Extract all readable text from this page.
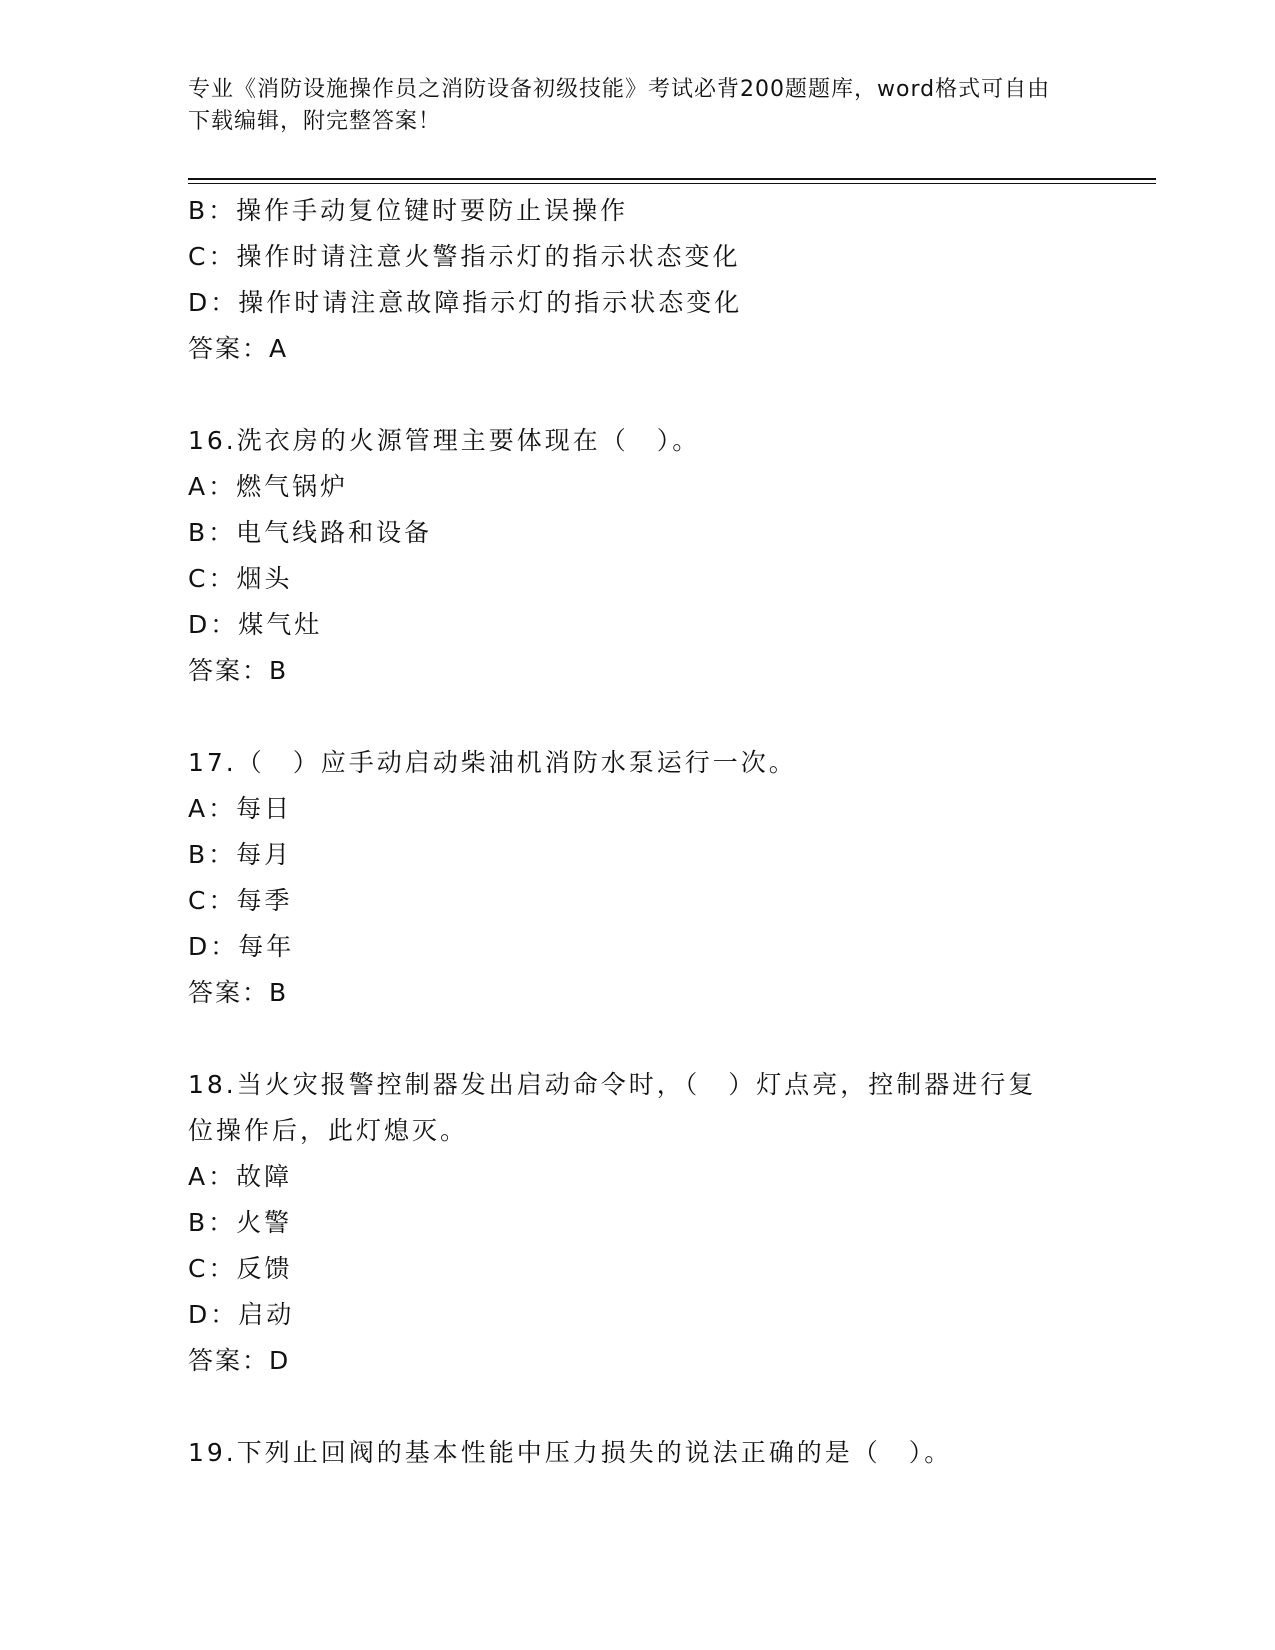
专业《消防设施操作员之消防设备初级技能》考试必背200题题库，word格式可自由下载编辑，附完整答案！
B：操作手动复位键时要防止误操作
C：操作时请注意火警指示灯的指示状态变化
D：操作时请注意故障指示灯的指示状态变化
答案：A
16.洗衣房的火源管理主要体现在（　）。
A：燃气锅炉
B：电气线路和设备
C：烟头
D：煤气灶
答案：B
17.（　）应手动启动柴油机消防水泵运行一次。
A：每日
B：每月
C：每季
D：每年
答案：B
18.当火灾报警控制器发出启动命令时，（　）灯点亮，控制器进行复
位操作后，此灯熄灭。
A：故障
B：火警
C：反馈
D：启动
答案：D
19.下列止回阀的基本性能中压力损失的说法正确的是（　）。
